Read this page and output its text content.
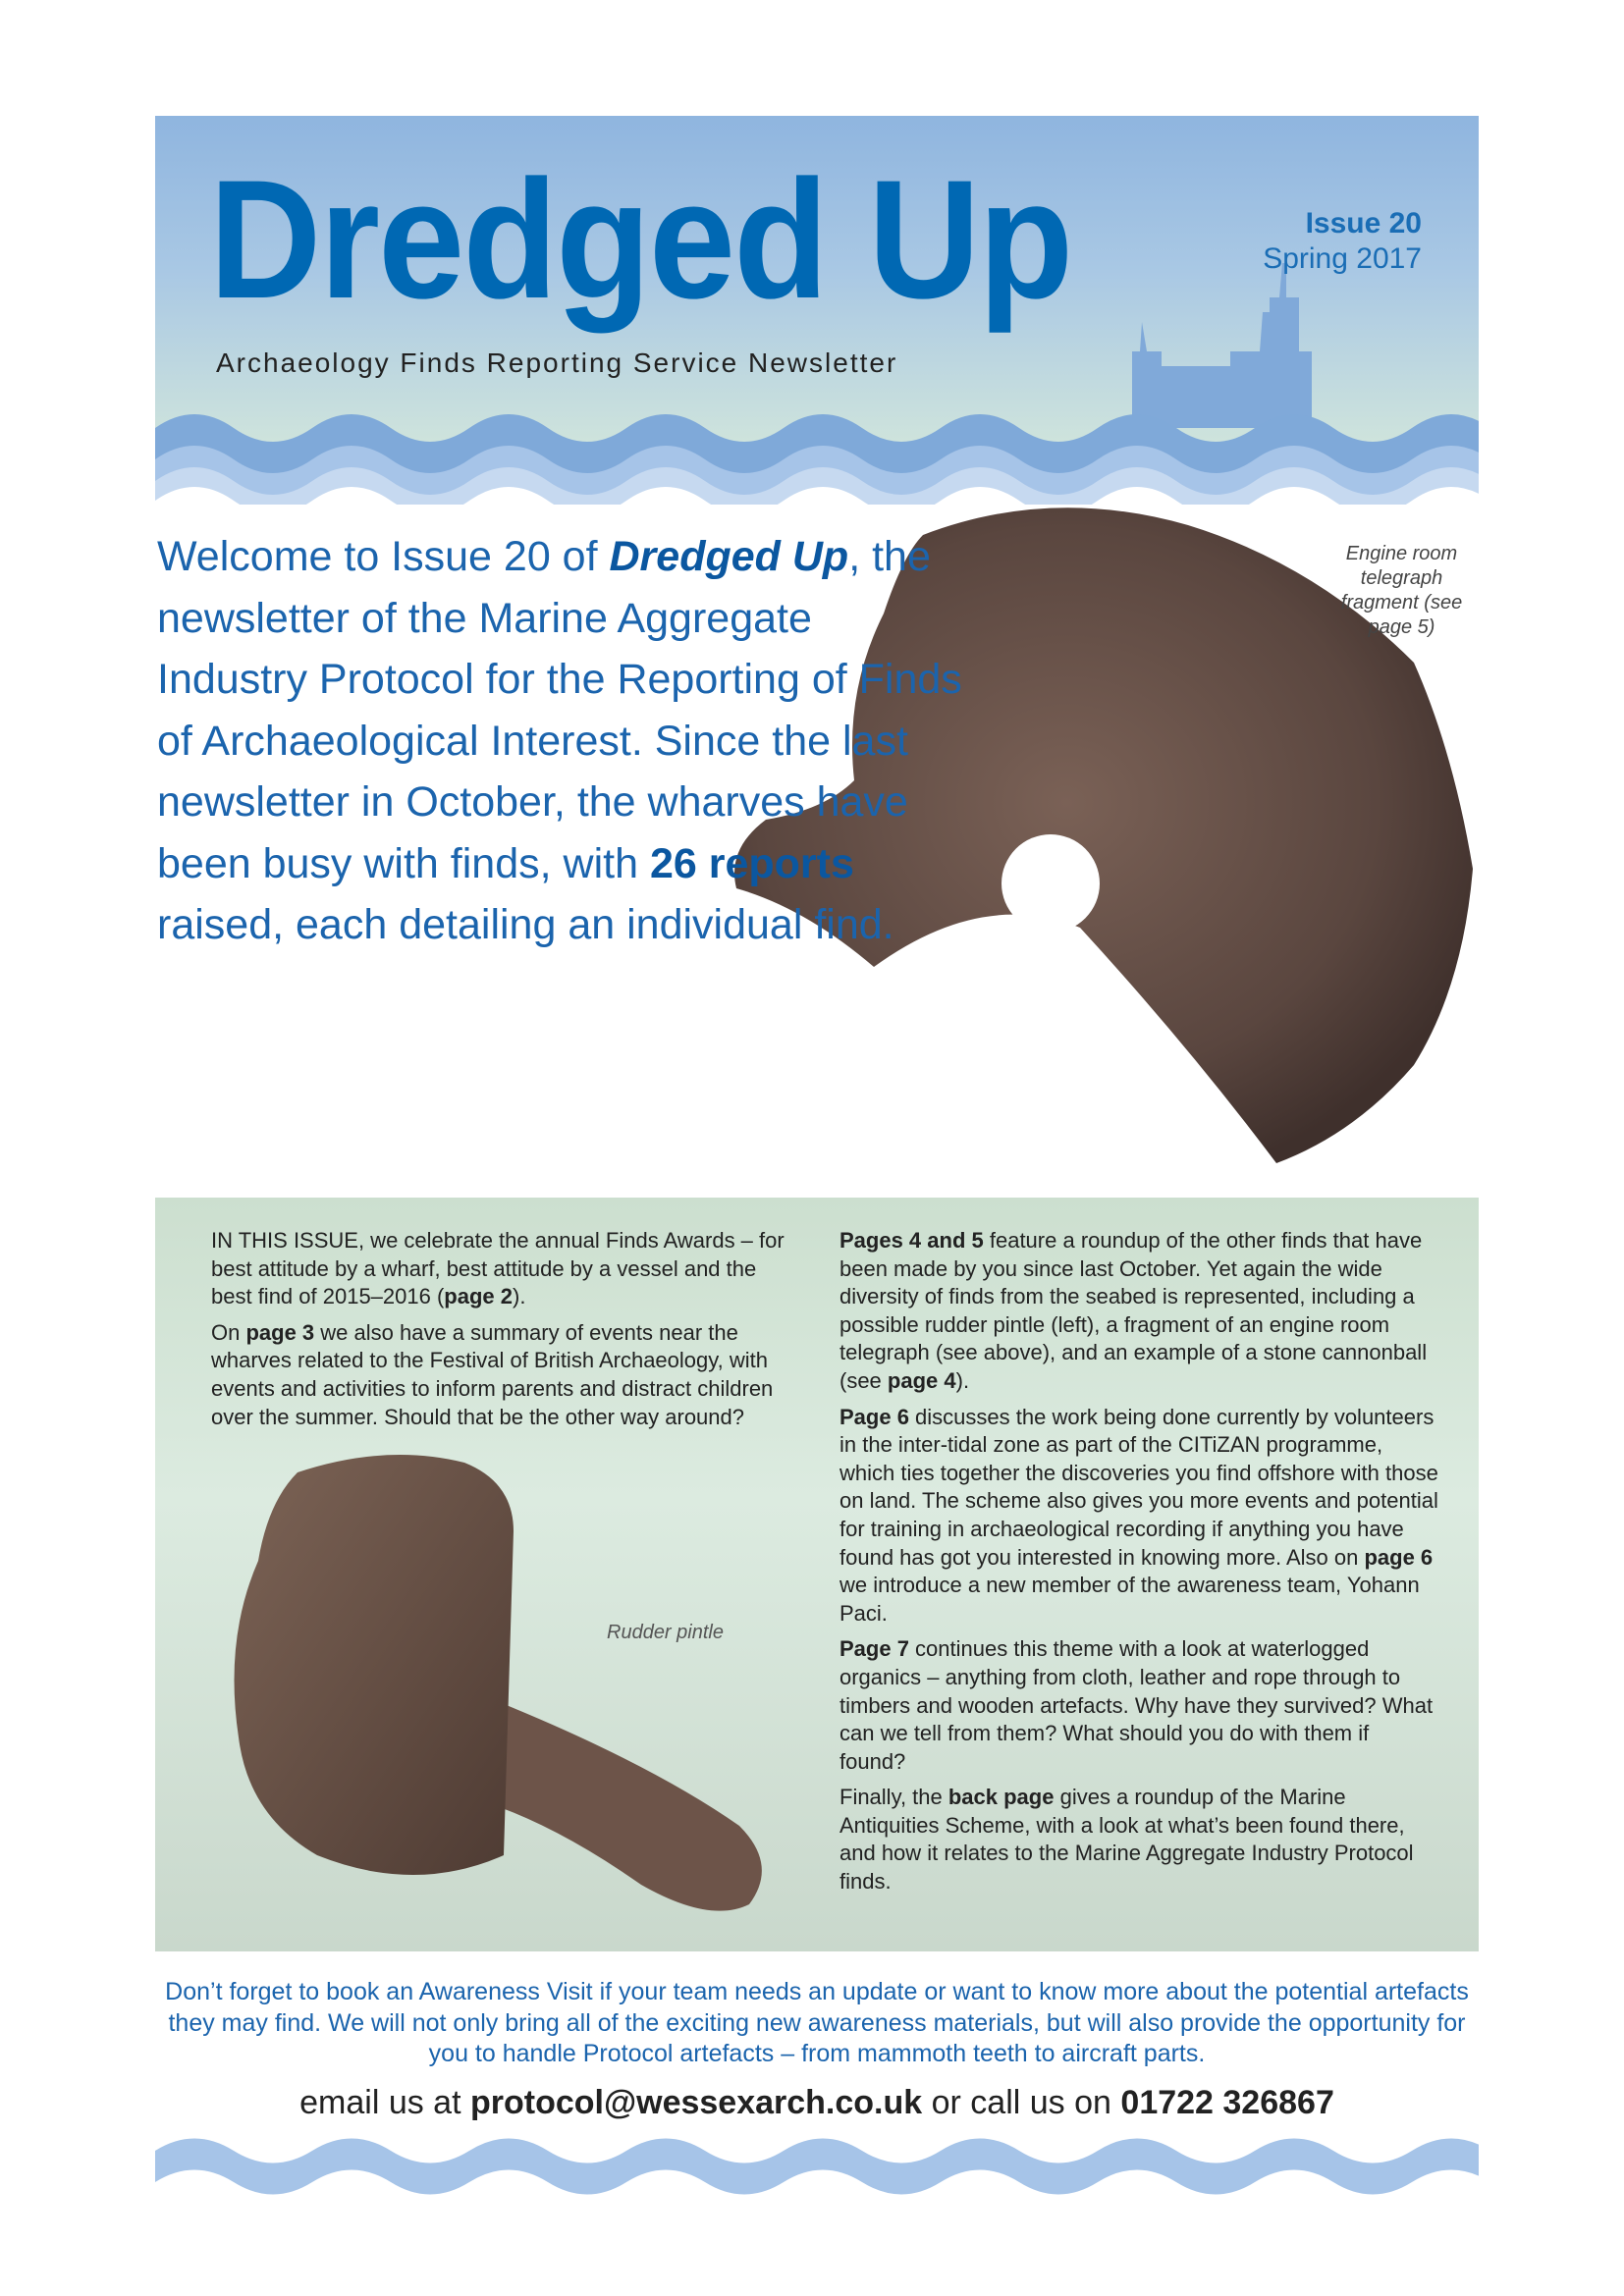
Dredged Up	Issue 20
Spring 2017
Archaeology Finds Reporting Service Newsletter
Welcome to Issue 20 of Dredged Up, the newsletter of the Marine Aggregate Industry Protocol for the Reporting of Finds of Archaeological Interest. Since the last newsletter in October, the wharves have been busy with finds, with 26 reports raised, each detailing an individual find.
Engine room telegraph fragment (see page 5)
Rudder pintle

IN THIS ISSUE, we celebrate the annual Finds Awards – for best attitude by a wharf, best attitude by a vessel and the best find of 2015–2016 (page 2).

On page 3 we also have a summary of events near the wharves related to the Festival of British Archaeology, with events and activities to inform parents and distract children over the summer. Should that be the other way around?

Pages 4 and 5 feature a roundup of the other finds that have been made by you since last October. Yet again the wide diversity of finds from the seabed is represented, including a possible rudder pintle (left), a fragment of an engine room telegraph (see above), and an example of a stone cannonball (see page 4).

Page 6 discusses the work being done currently by volunteers in the inter-tidal zone as part of the CITiZAN programme, which ties together the discoveries you find offshore with those on land. The scheme also gives you more events and potential for training in archaeological recording if anything you have found has got you interested in knowing more. Also on page 6 we introduce a new member of the awareness team, Yohann Paci.

Page 7 continues this theme with a look at waterlogged organics – anything from cloth, leather and rope through to timbers and wooden artefacts. Why have they survived? What can we tell from them? What should you do with them if found?

Finally, the back page gives a roundup of the Marine Antiquities Scheme, with a look at what’s been found there, and how it relates to the Marine Aggregate Industry Protocol finds.

Don’t forget to book an Awareness Visit if your team needs an update or want to know more about the potential artefacts they may find. We will not only bring all of the exciting new awareness materials, but will also provide the opportunity for you to handle Protocol artefacts – from mammoth teeth to aircraft parts.
email us at protocol@wessexarch.co.uk or call us on 01722 326867
